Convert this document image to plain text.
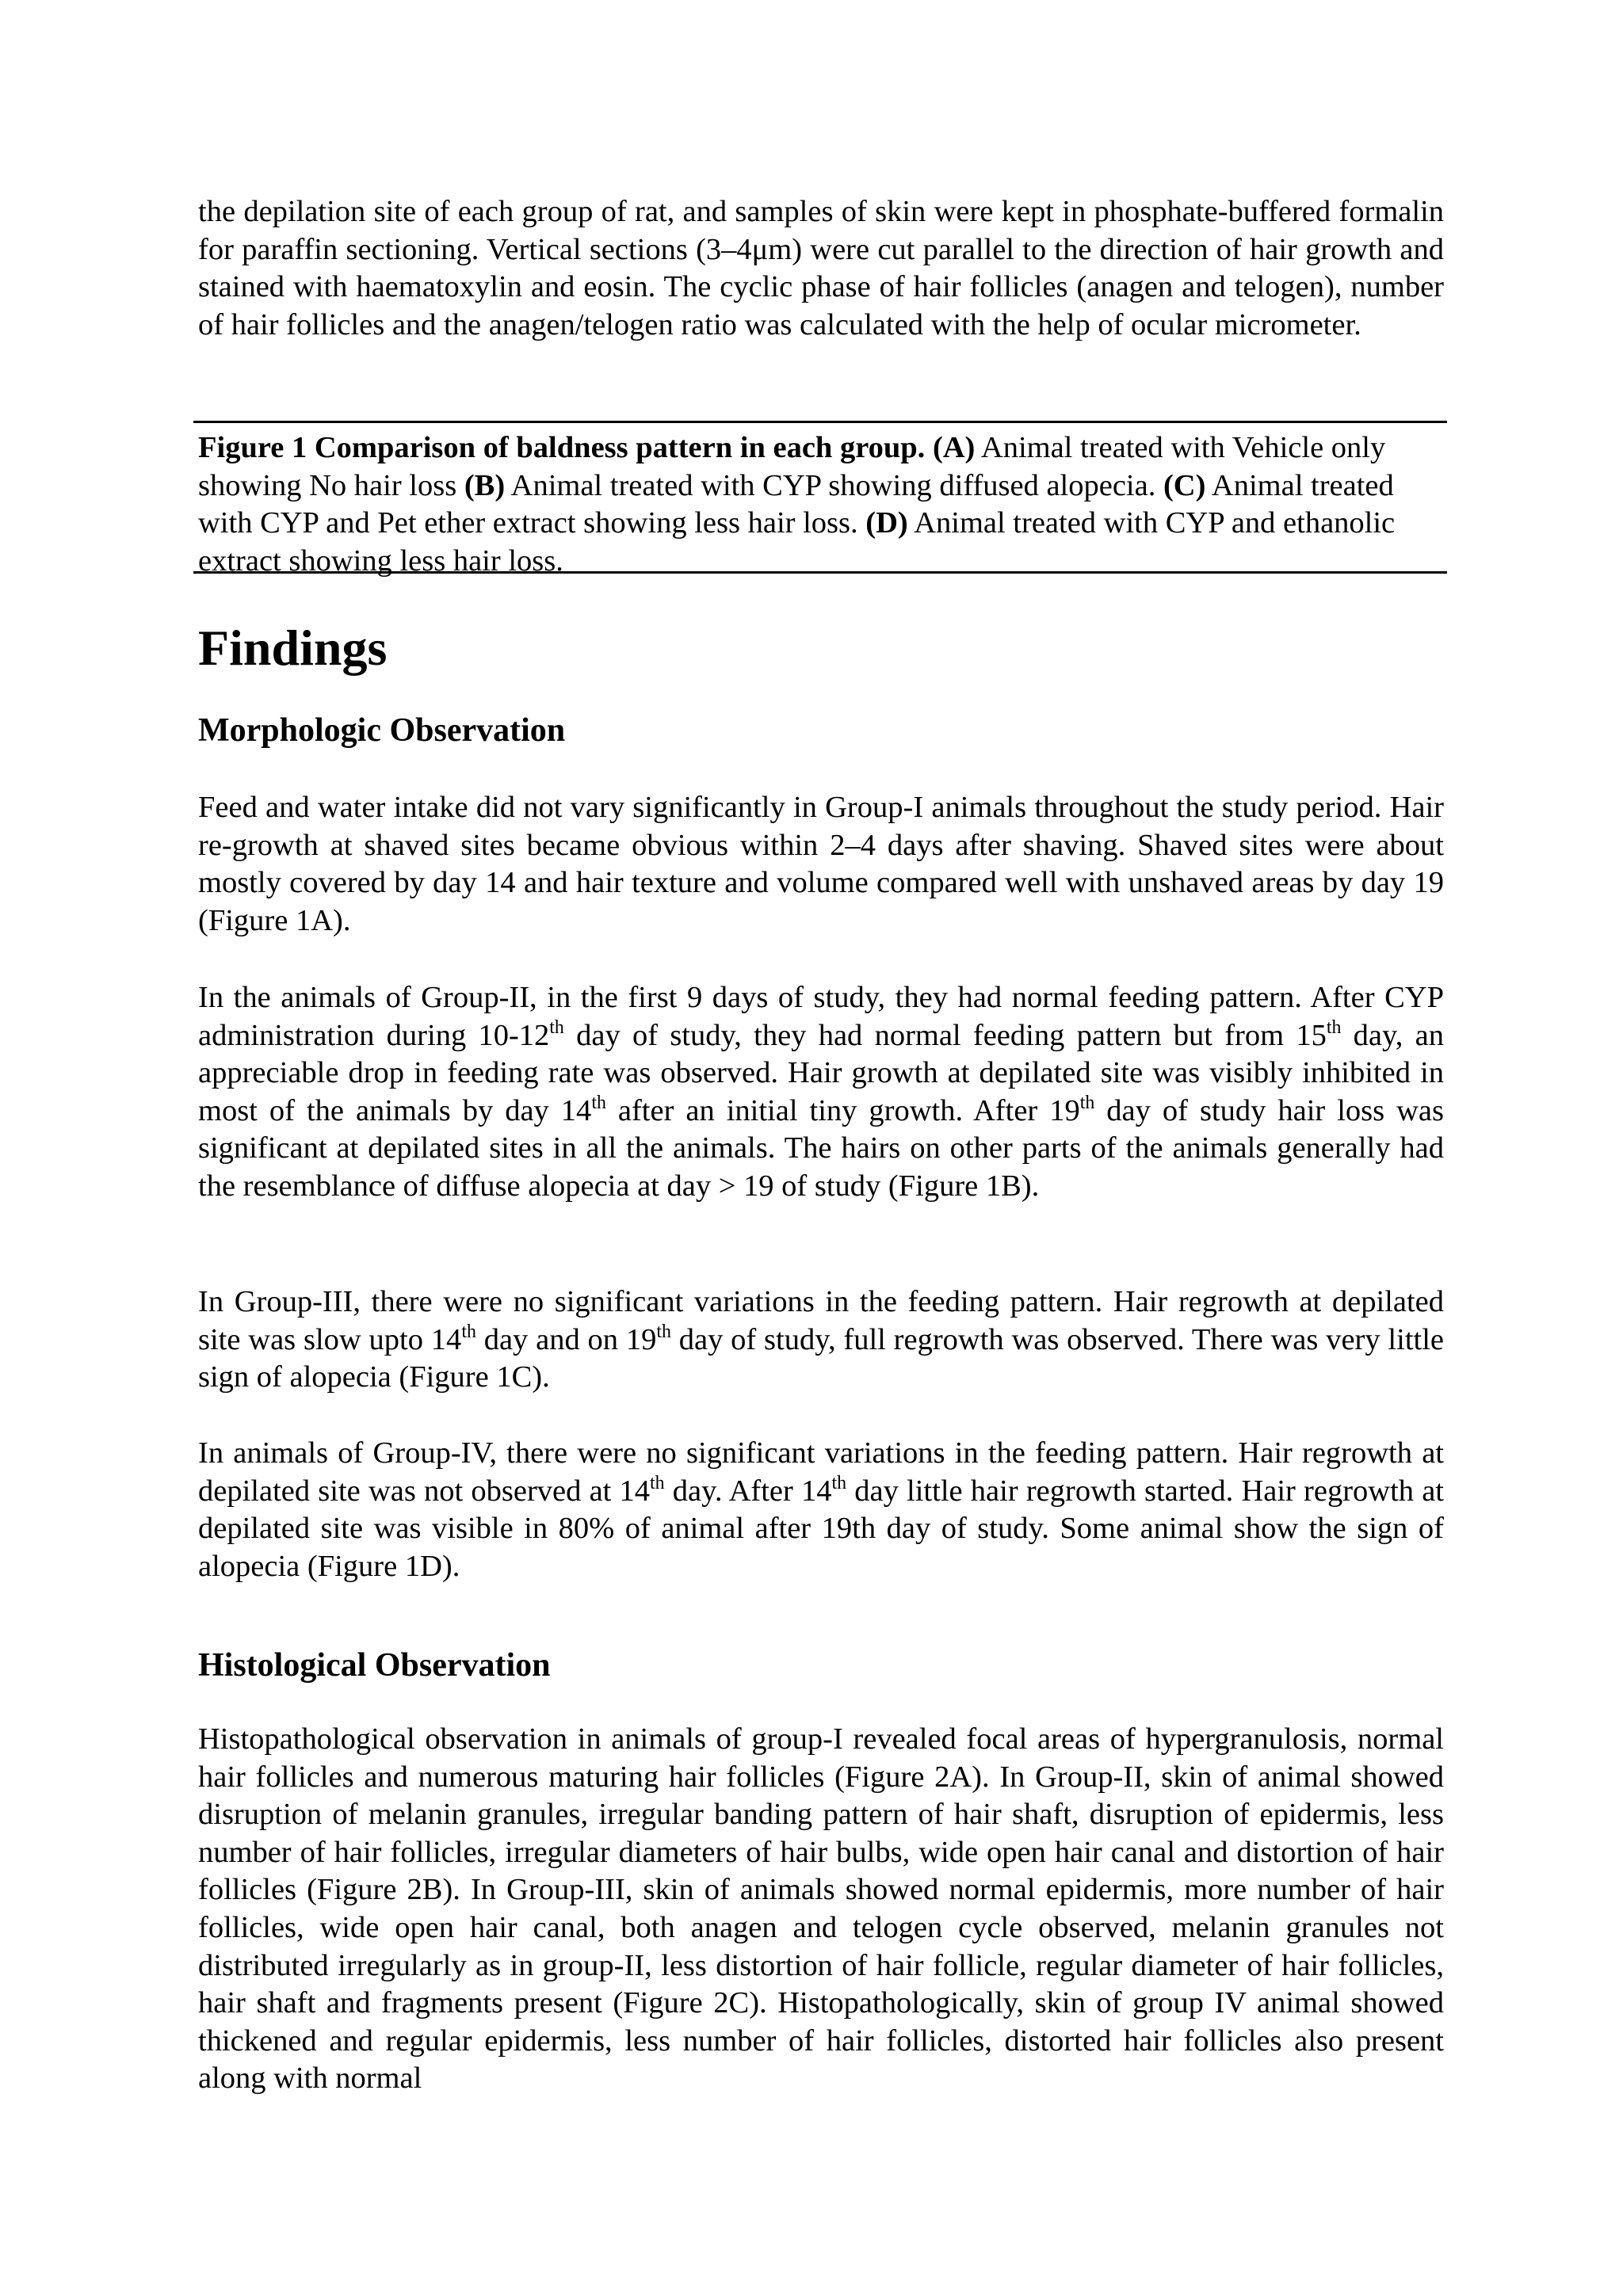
the depilation site of each group of rat, and samples of skin were kept in phosphate-buffered formalin for paraffin sectioning. Vertical sections (3–4μm) were cut parallel to the direction of hair growth and stained with haematoxylin and eosin. The cyclic phase of hair follicles (anagen and telogen), number of hair follicles and the anagen/telogen ratio was calculated with the help of ocular micrometer.

Figure 1 Comparison of baldness pattern in each group. (A) Animal treated with Vehicle only showing No hair loss (B) Animal treated with CYP showing diffused alopecia. (C) Animal treated with CYP and Pet ether extract showing less hair loss. (D) Animal treated with CYP and ethanolic extract showing less hair loss.

Findings
Morphologic Observation

Feed and water intake did not vary significantly in Group-I animals throughout the study period. Hair re-growth at shaved sites became obvious within 2–4 days after shaving. Shaved sites were about mostly covered by day 14 and hair texture and volume compared well with unshaved areas by day 19 (Figure 1A).

In the animals of Group-II, in the first 9 days of study, they had normal feeding pattern. After CYP administration during 10-12th day of study, they had normal feeding pattern but from 15th day, an appreciable drop in feeding rate was observed. Hair growth at depilated site was visibly inhibited in most of the animals by day 14th after an initial tiny growth. After 19th day of study hair loss was significant at depilated sites in all the animals. The hairs on other parts of the animals generally had the resemblance of diffuse alopecia at day > 19 of study (Figure 1B).

In Group-III, there were no significant variations in the feeding pattern. Hair regrowth at depilated site was slow upto 14th day and on 19th day of study, full regrowth was observed. There was very little sign of alopecia (Figure 1C).

In animals of Group-IV, there were no significant variations in the feeding pattern. Hair regrowth at depilated site was not observed at 14th day. After 14th day little hair regrowth started. Hair regrowth at depilated site was visible in 80% of animal after 19th day of study. Some animal show the sign of alopecia (Figure 1D).

Histological Observation

Histopathological observation in animals of group-I revealed focal areas of hypergranulosis, normal hair follicles and numerous maturing hair follicles (Figure 2A). In Group-II, skin of animal showed disruption of melanin granules, irregular banding pattern of hair shaft, disruption of epidermis, less number of hair follicles, irregular diameters of hair bulbs, wide open hair canal and distortion of hair follicles (Figure 2B). In Group-III, skin of animals showed normal epidermis, more number of hair follicles, wide open hair canal, both anagen and telogen cycle observed, melanin granules not distributed irregularly as in group-II, less distortion of hair follicle, regular diameter of hair follicles, hair shaft and fragments present (Figure 2C). Histopathologically, skin of group IV animal showed thickened and regular epidermis, less number of hair follicles, distorted hair follicles also present along with normal
